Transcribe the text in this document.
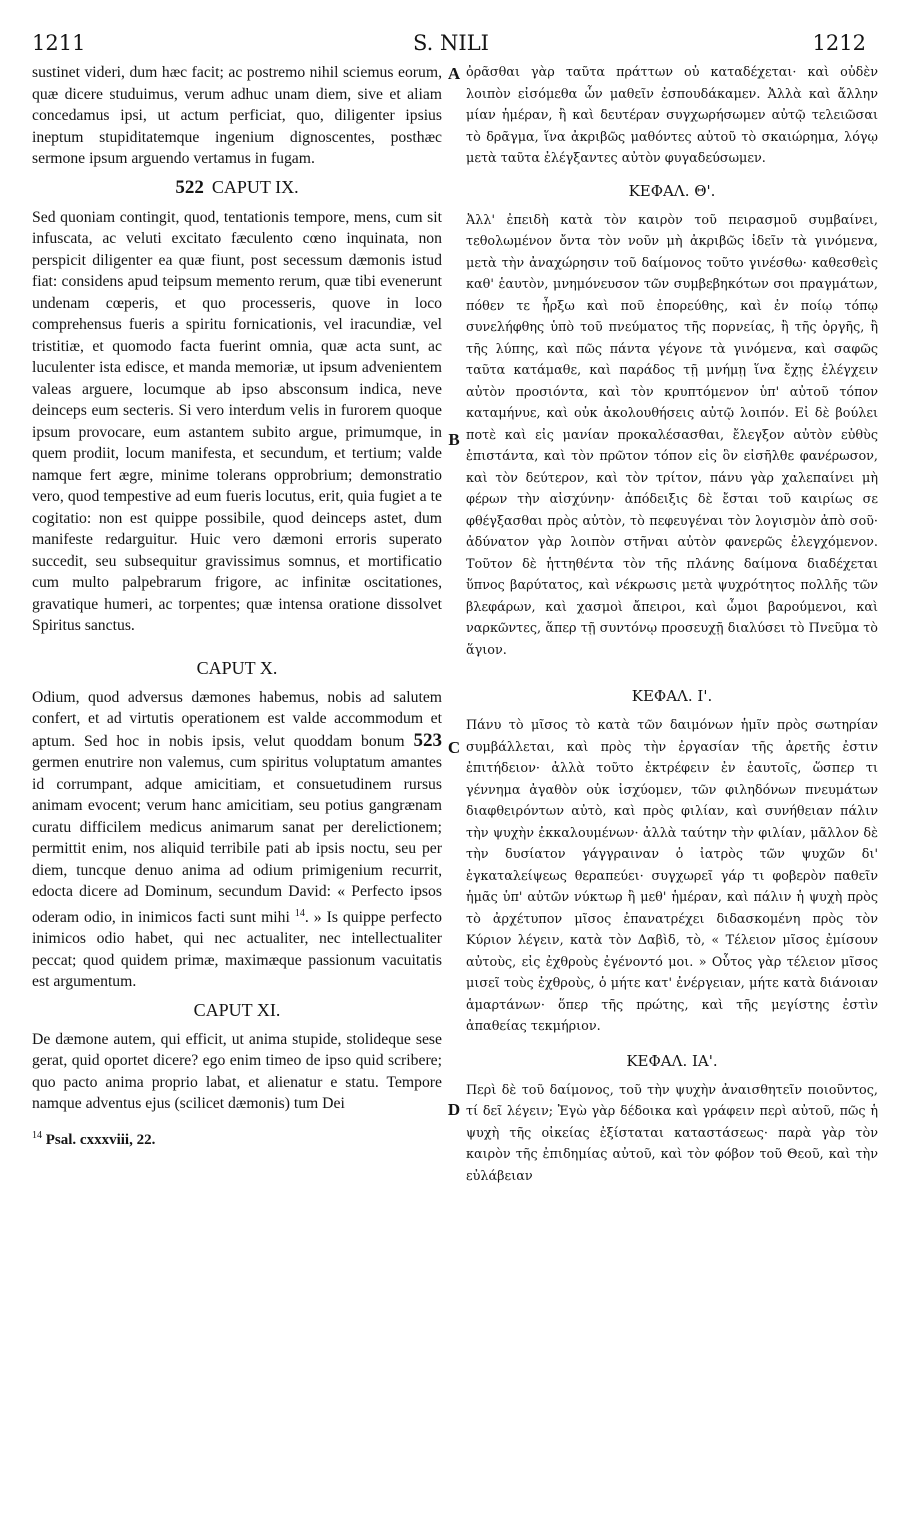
1211	S. NILI	1212
A
B
C
D

sustinet videri, dum hæc facit; ac postremo nihil sciemus eorum, quæ dicere studuimus, verum adhuc unam diem, sive et aliam concedamus ipsi, ut actum perficiat, quo, diligenter ipsius ineptum stupiditatemque ingenium dignoscentes, posthæc sermone ipsum arguendo vertamus in fugam.

522 CAPUT IX.

Sed quoniam contingit, quod, tentationis tempore, mens, cum sit infuscata, ac veluti excitato fæculento cœno inquinata, non perspicit diligenter ea quæ fiunt, post secessum dæmonis istud fiat: considens apud teipsum memento rerum, quæ tibi evenerunt undenam cœperis, et quo processeris, quove in loco comprehensus fueris a spiritu fornicationis, vel iracundiæ, vel tristitiæ, et quomodo facta fuerint omnia, quæ acta sunt, ac luculenter ista edisce, et manda memoriæ, ut ipsum advenientem valeas arguere, locumque ab ipso absconsum indica, neve deinceps eum secteris. Si vero interdum velis in furorem quoque ipsum provocare, eum astantem subito argue, primumque, in quem prodiit, locum manifesta, et secundum, et tertium; valde namque fert ægre, minime tolerans opprobrium; demonstratio vero, quod tempestive ad eum fueris locutus, erit, quia fugiet a te cogitatio: non est quippe possibile, quod deinceps astet, dum manifeste redarguitur. Huic vero dæmoni erroris superato succedit, seu subsequitur gravissimus somnus, et mortificatio cum multo palpebrarum frigore, ac infinitæ oscitationes, gravatique humeri, ac torpentes; quæ intensa oratione dissolvet Spiritus sanctus.

CAPUT X.

Odium, quod adversus dæmones habemus, nobis ad salutem confert, et ad virtutis operationem est valde accommodum et aptum. Sed hoc in nobis ipsis, velut quoddam bonum 523 germen enutrire non valemus, cum spiritus voluptatum amantes id corrumpant, adque amicitiam, et consuetudinem rursus animam evocent; verum hanc amicitiam, seu potius gangrænam curatu difficilem medicus animarum sanat per derelictionem; permittit enim, nos aliquid terribile pati ab ipsis noctu, seu per diem, tuncque denuo anima ad odium primigenium recurrit, edocta dicere ad Dominum, secundum David: « Perfecto ipsos oderam odio, in inimicos facti sunt mihi $^{14}$. » Is quippe perfecto inimicos odio habet, qui nec actualiter, nec intellectualiter peccat; quod quidem primæ, maximæque passionum vacuitatis est argumentum.

CAPUT XI.

De dæmone autem, qui efficit, ut anima stupide, stolideque sese gerat, quid oportet dicere? ego enim timeo de ipso quid scribere; quo pacto anima proprio labat, et alienatur e statu. Tempore namque adventus ejus (scilicet dæmonis) tum Dei

$^{14}$ Psal. cxxxviii, 22.

ὀρᾶσθαι γὰρ ταῦτα πράττων οὐ καταδέχεται· καὶ οὐδὲν λοιπὸν εἰσόμεθα ὧν μαθεῖν ἐσπουδάκαμεν. Ἀλλὰ καὶ ἄλλην μίαν ἡμέραν, ἢ καὶ δευτέραν συγχωρήσωμεν αὐτῷ τελειῶσαι τὸ δρᾶγμα, ἵνα ἀκριβῶς μαθόντες αὐτοῦ τὸ σκαιώρημα, λόγῳ μετὰ ταῦτα ἐλέγξαντες αὐτὸν φυγαδεύσωμεν.

ΚΕΦΑΛ. Θ'.

Ἀλλ' ἐπειδὴ κατὰ τὸν καιρὸν τοῦ πειρασμοῦ συμβαίνει, τεθολωμένον ὄντα τὸν νοῦν μὴ ἀκριβῶς ἰδεῖν τὰ γινόμενα, μετὰ τὴν ἀναχώρησιν τοῦ δαίμονος τοῦτο γινέσθω· καθεσθεὶς καθ' ἑαυτὸν, μνημόνευσον τῶν συμβεβηκότων σοι πραγμάτων, πόθεν τε ἦρξω καὶ ποῦ ἐπορεύθης, καὶ ἐν ποίῳ τόπῳ συνελήφθης ὑπὸ τοῦ πνεύματος τῆς πορνείας, ἢ τῆς ὀργῆς, ἢ τῆς λύπης, καὶ πῶς πάντα γέγονε τὰ γινόμενα, καὶ σαφῶς ταῦτα κατάμαθε, καὶ παράδος τῇ μνήμῃ ἵνα ἔχῃς ἐλέγχειν αὐτὸν προσιόντα, καὶ τὸν κρυπτόμενον ὑπ' αὐτοῦ τόπον καταμήνυε, καὶ οὐκ ἀκολουθήσεις αὐτῷ λοιπόν. Εἰ δὲ βούλει ποτὲ καὶ εἰς μανίαν προκαλέσασθαι, ἔλεγξον αὐτὸν εὐθὺς ἐπιστάντα, καὶ τὸν πρῶτον τόπον εἰς ὃν εἰσῆλθε φανέρωσον, καὶ τὸν δεύτερον, καὶ τὸν τρίτον, πάνυ γὰρ χαλεπαίνει μὴ φέρων τὴν αἰσχύνην· ἀπόδειξις δὲ ἔσται τοῦ καιρίως σε φθέγξασθαι πρὸς αὐτὸν, τὸ πεφευγέναι τὸν λογισμὸν ἀπὸ σοῦ· ἀδύνατον γὰρ λοιπὸν στῆναι αὐτὸν φανερῶς ἐλεγχόμενον. Τοῦτον δὲ ἡττηθέντα τὸν τῆς πλάνης δαίμονα διαδέχεται ὕπνος βαρύτατος, καὶ νέκρωσις μετὰ ψυχρότητος πολλῆς τῶν βλεφάρων, καὶ χασμοὶ ἄπειροι, καὶ ὦμοι βαρούμενοι, καὶ ναρκῶντες, ἅπερ τῇ συντόνῳ προσευχῇ διαλύσει τὸ Πνεῦμα τὸ ἅγιον.

ΚΕΦΑΛ. Ι'.

Πάνυ τὸ μῖσος τὸ κατὰ τῶν δαιμόνων ἡμῖν πρὸς σωτηρίαν συμβάλλεται, καὶ πρὸς τὴν ἐργασίαν τῆς ἀρετῆς ἐστιν ἐπιτήδειον· ἀλλὰ τοῦτο ἐκτρέφειν ἐν ἑαυτοῖς, ὥσπερ τι γέννημα ἀγαθὸν οὐκ ἰσχύομεν, τῶν φιληδόνων πνευμάτων διαφθειρόντων αὐτὸ, καὶ πρὸς φιλίαν, καὶ συνήθειαν πάλιν τὴν ψυχὴν ἐκκαλουμένων· ἀλλὰ ταύτην τὴν φιλίαν, μᾶλλον δὲ τὴν δυσίατον γάγγραιναν ὁ ἰατρὸς τῶν ψυχῶν δι' ἐγκαταλείψεως θεραπεύει· συγχωρεῖ γάρ τι φοβερὸν παθεῖν ἡμᾶς ὑπ' αὐτῶν νύκτωρ ἢ μεθ' ἡμέραν, καὶ πάλιν ἡ ψυχὴ πρὸς τὸ ἀρχέτυπον μῖσος ἐπανατρέχει διδασκομένη πρὸς τὸν Κύριον λέγειν, κατὰ τὸν Δαβὶδ, τὸ, « Τέλειον μῖσος ἐμίσουν αὐτοὺς, εἰς ἐχθροὺς ἐγένοντό μοι. » Οὗτος γὰρ τέλειον μῖσος μισεῖ τοὺς ἐχθροὺς, ὁ μήτε κατ' ἐνέργειαν, μήτε κατὰ διάνοιαν ἁμαρτάνων· ὅπερ τῆς πρώτης, καὶ τῆς μεγίστης ἐστὶν ἀπαθείας τεκμήριον.

ΚΕΦΑΛ. ΙΑ'.

Περὶ δὲ τοῦ δαίμονος, τοῦ τὴν ψυχὴν ἀναισθητεῖν ποιοῦντος, τί δεῖ λέγειν; Ἐγὼ γὰρ δέδοικα καὶ γράφειν περὶ αὐτοῦ, πῶς ἡ ψυχὴ τῆς οἰκείας ἐξίσταται καταστάσεως· παρὰ γὰρ τὸν καιρὸν τῆς ἐπιδημίας αὐτοῦ, καὶ τὸν φόβον τοῦ Θεοῦ, καὶ τὴν εὐλάβειαν
